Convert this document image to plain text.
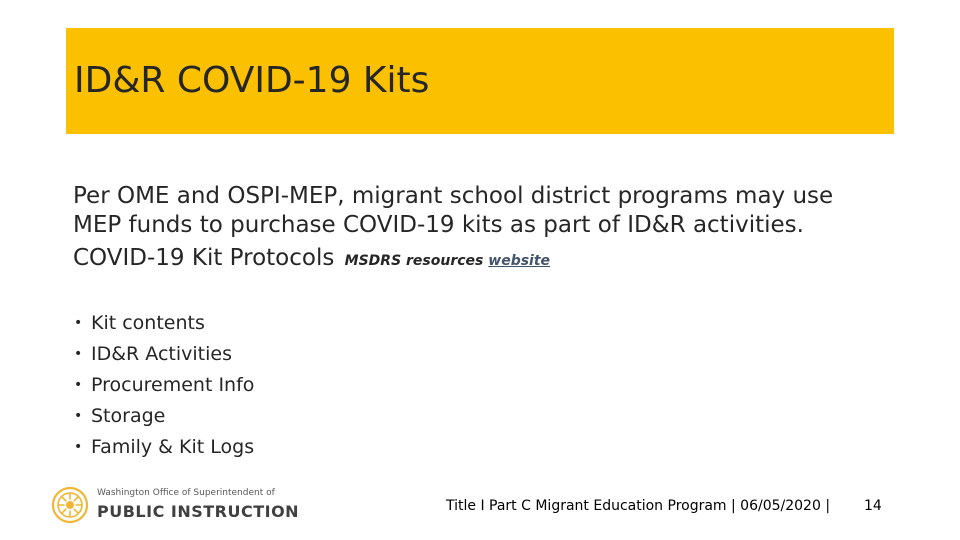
ID&R COVID-19 Kits

Per OME and OSPI-MEP, migrant school district programs may use MEP funds to purchase COVID-19 kits as part of ID&R activities.

COVID-19 Kit Protocols MSDRS resources website

• Kit contents
• ID&R Activities
• Procurement Info
• Storage
• Family & Kit Logs
Washington Office of Superintendent of
PUBLIC INSTRUCTION	Title I Part C Migrant Education Program | 06/05/2020 | 14
